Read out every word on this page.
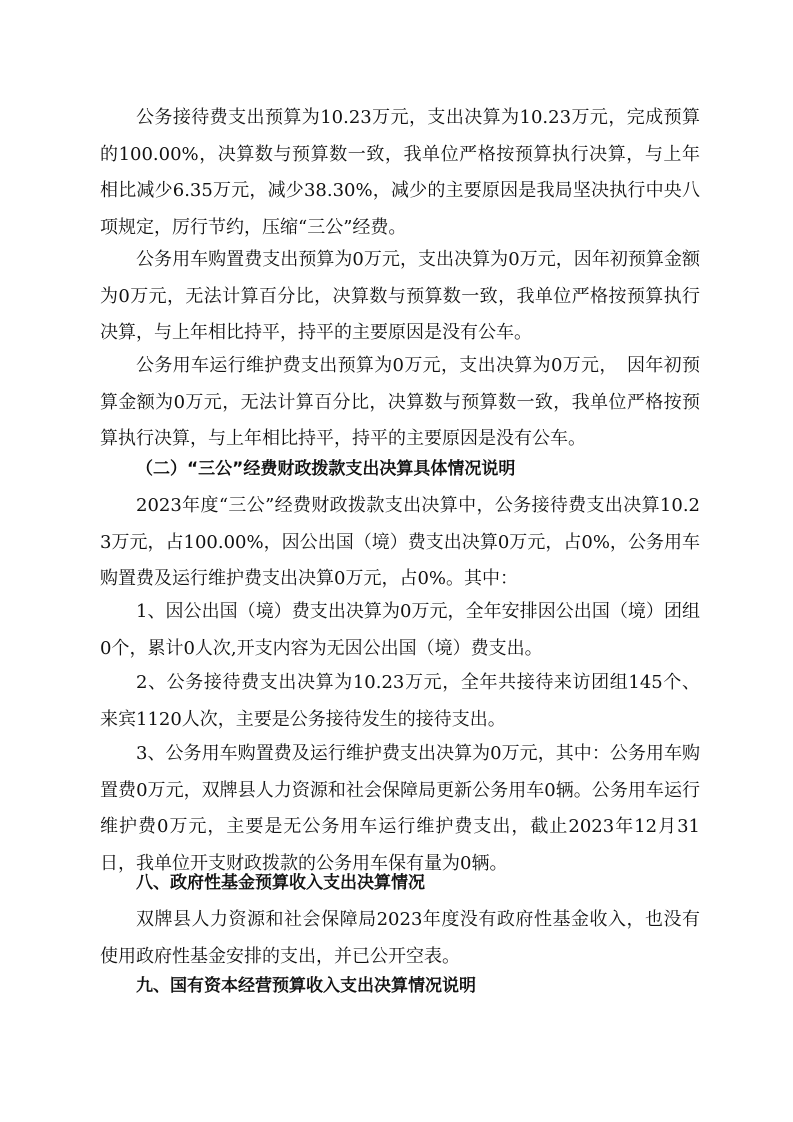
公务接待费支出预算为10.23万元，支出决算为10.23万元，完成预算的100.00%，决算数与预算数一致，我单位严格按预算执行决算，与上年相比减少6.35万元，减少38.30%，减少的主要原因是我局坚决执行中央八项规定，厉行节约，压缩“三公”经费。

公务用车购置费支出预算为0万元，支出决算为0万元，因年初预算金额为0万元，无法计算百分比，决算数与预算数一致，我单位严格按预算执行决算，与上年相比持平，持平的主要原因是没有公车。

公务用车运行维护费支出预算为0万元，支出决算为0万元，　因年初预算金额为0万元，无法计算百分比，决算数与预算数一致，我单位严格按预算执行决算，与上年相比持平，持平的主要原因是没有公车。

（二）“三公”经费财政拨款支出决算具体情况说明

2023年度“三公”经费财政拨款支出决算中，公务接待费支出决算10.23万元，占100.00%，因公出国（境）费支出决算0万元，占0%，公务用车购置费及运行维护费支出决算0万元，占0%。其中：

1、因公出国（境）费支出决算为0万元，全年安排因公出国（境）团组0个，累计0人次,开支内容为无因公出国（境）费支出。

2、公务接待费支出决算为10.23万元，全年共接待来访团组145个、来宾1120人次，主要是公务接待发生的接待支出。

3、公务用车购置费及运行维护费支出决算为0万元，其中：公务用车购置费0万元，双牌县人力资源和社会保障局更新公务用车0辆。公务用车运行维护费0万元，主要是无公务用车运行维护费支出，截止2023年12月31日，我单位开支财政拨款的公务用车保有量为0辆。

八、政府性基金预算收入支出决算情况

双牌县人力资源和社会保障局2023年度没有政府性基金收入，也没有使用政府性基金安排的支出，并已公开空表。

九、国有资本经营预算收入支出决算情况说明
